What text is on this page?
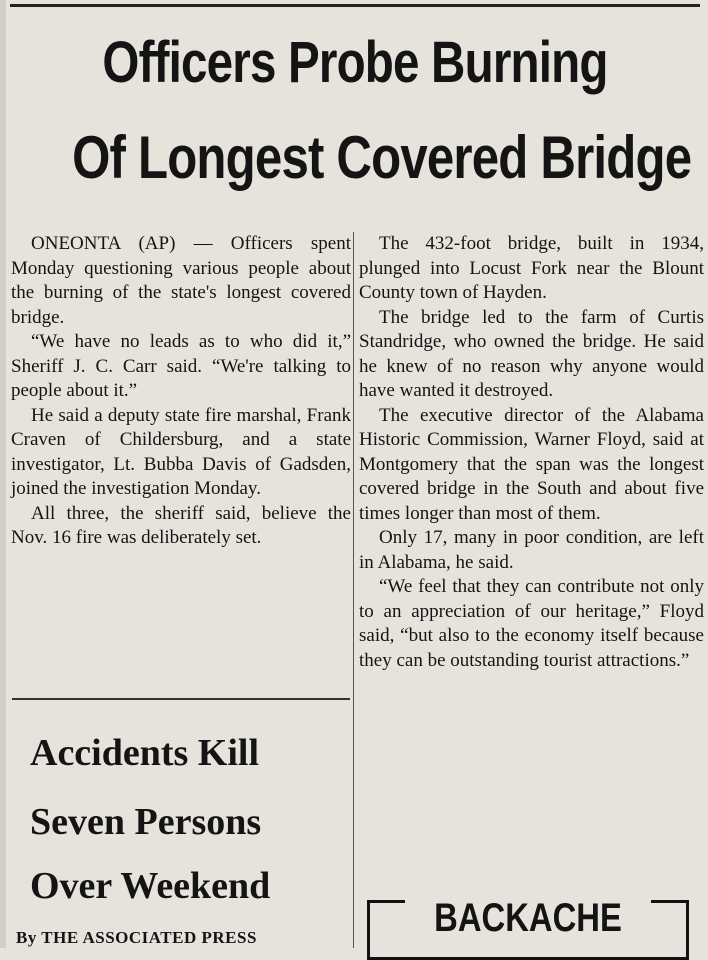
Officers Probe Burning
Of Longest Covered Bridge

ONEONTA (AP) — Officers spent Monday questioning various people about the burning of the state's longest covered bridge.

“We have no leads as to who did it,” Sheriff J. C. Carr said. “We're talking to people about it.”

He said a deputy state fire marshal, Frank Craven of Childersburg, and a state investigator, Lt. Bubba Davis of Gadsden, joined the investigation Monday.

All three, the sheriff said, believe the Nov. 16 fire was deliberately set.

The 432-foot bridge, built in 1934, plunged into Locust Fork near the Blount County town of Hayden.

The bridge led to the farm of Curtis Standridge, who owned the bridge. He said he knew of no reason why anyone would have wanted it destroyed.

The executive director of the Alabama Historic Commission, Warner Floyd, said at Montgomery that the span was the longest covered bridge in the South and about five times longer than most of them.

Only 17, many in poor condition, are left in Alabama, he said.

“We feel that they can contribute not only to an appreciation of our heritage,” Floyd said, “but also to the economy itself because they can be outstanding tourist attractions.”

Accidents Kill
Seven Persons
Over Weekend

By THE ASSOCIATED PRESS	BACKACHE
